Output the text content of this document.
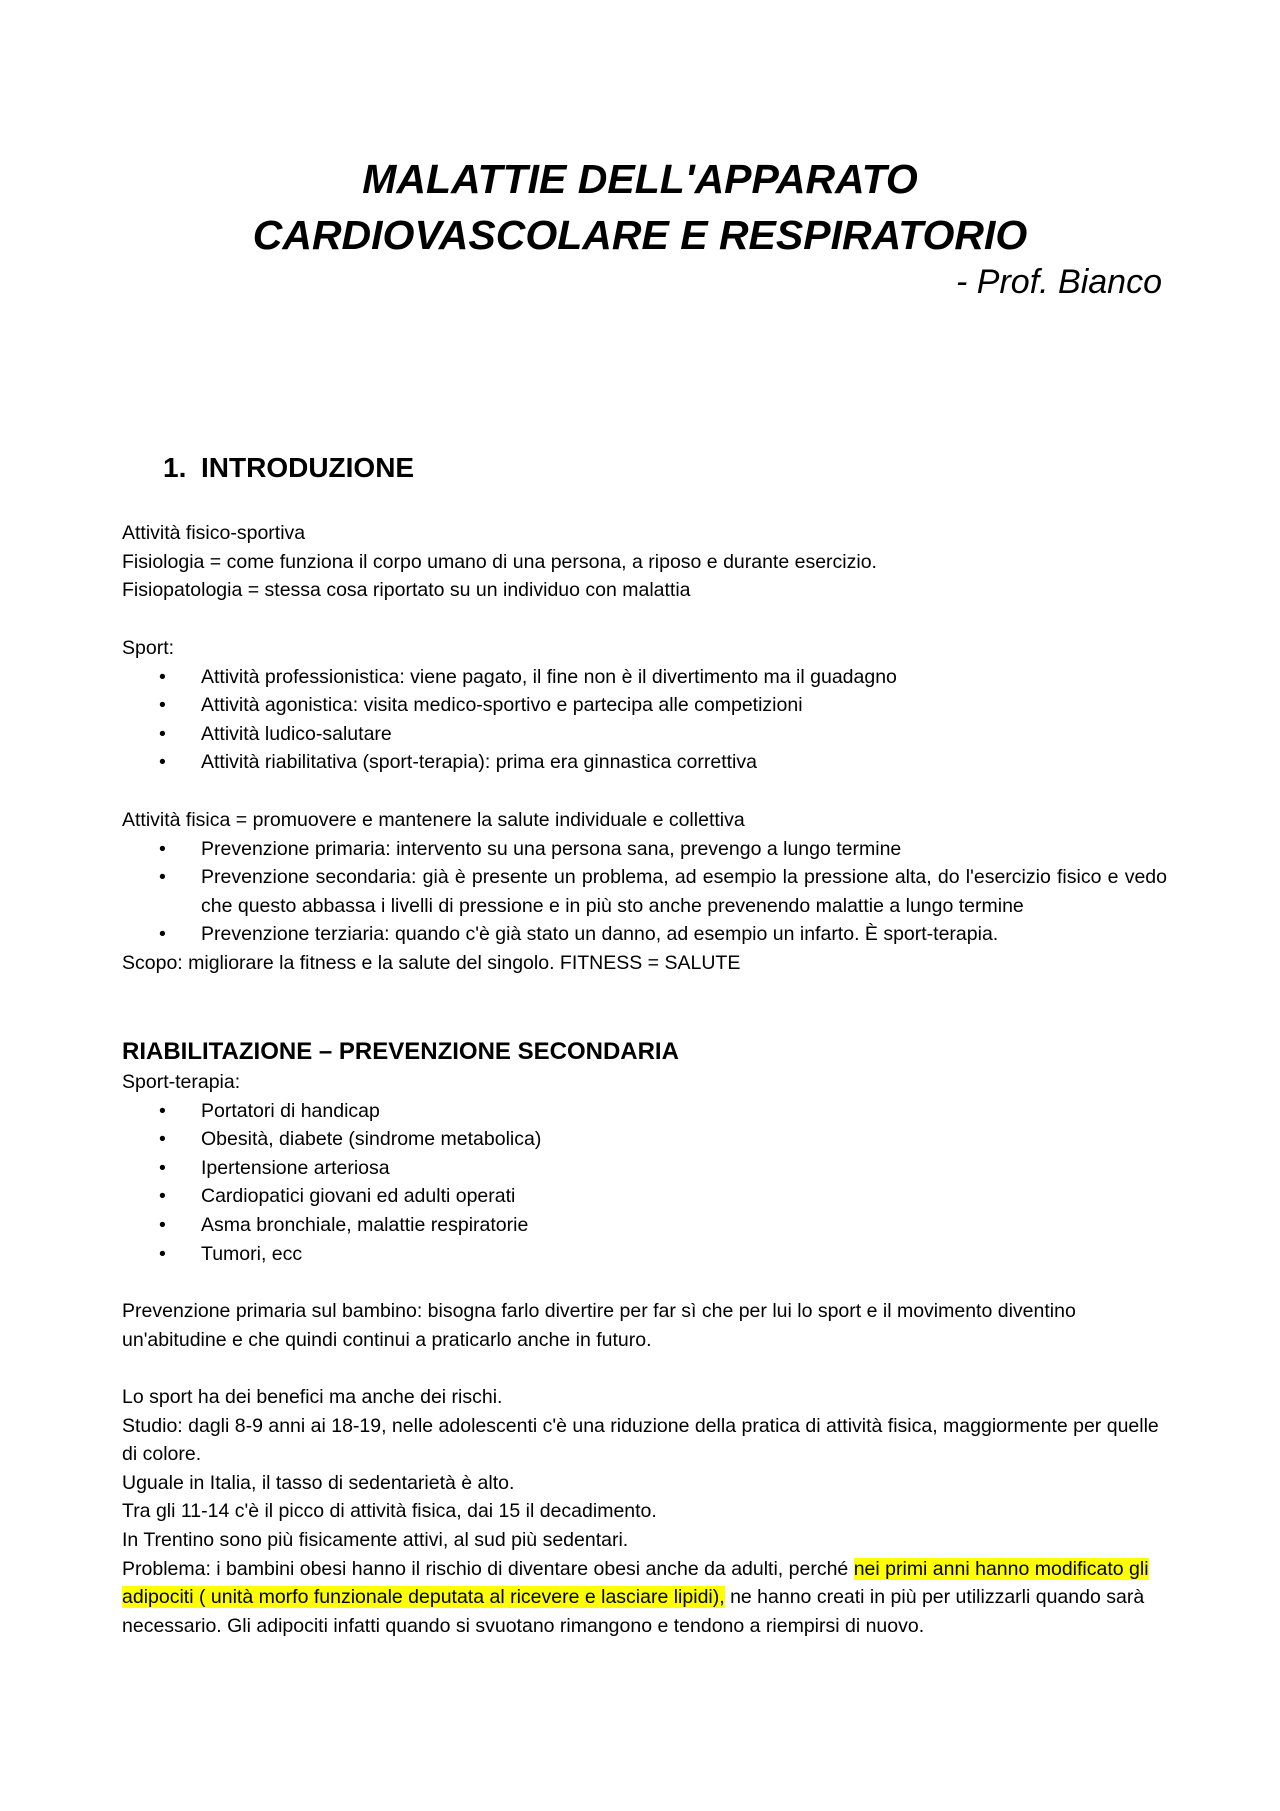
MALATTIE DELL'APPARATO
CARDIOVASCOLARE E RESPIRATORIO

- Prof. Bianco

1. INTRODUZIONE

Attività fisico-sportiva

Fisiologia = come funziona il corpo umano di una persona, a riposo e durante esercizio.

Fisiopatologia = stessa cosa riportato su un individuo con malattia

Sport:

• Attività professionistica: viene pagato, il fine non è il divertimento ma il guadagno
• Attività agonistica: visita medico-sportivo e partecipa alle competizioni
• Attività ludico-salutare
• Attività riabilitativa (sport-terapia): prima era ginnastica correttiva

Attività fisica = promuovere e mantenere la salute individuale e collettiva

• Prevenzione primaria: intervento su una persona sana, prevengo a lungo termine
• Prevenzione secondaria: già è presente un problema, ad esempio la pressione alta, do l'esercizio fisico e vedo che questo abbassa i livelli di pressione e in più sto anche prevenendo malattie a lungo termine
• Prevenzione terziaria: quando c'è già stato un danno, ad esempio un infarto. È sport-terapia.

Scopo: migliorare la fitness e la salute del singolo. FITNESS = SALUTE

RIABILITAZIONE – PREVENZIONE SECONDARIA

Sport-terapia:

• Portatori di handicap
• Obesità, diabete (sindrome metabolica)
• Ipertensione arteriosa
• Cardiopatici giovani ed adulti operati
• Asma bronchiale, malattie respiratorie
• Tumori, ecc

Prevenzione primaria sul bambino: bisogna farlo divertire per far sì che per lui lo sport e il movimento diventino un'abitudine e che quindi continui a praticarlo anche in futuro.

Lo sport ha dei benefici ma anche dei rischi.

Studio: dagli 8-9 anni ai 18-19, nelle adolescenti c'è una riduzione della pratica di attività fisica, maggiormente per quelle di colore.

Uguale in Italia, il tasso di sedentarietà è alto.

Tra gli 11-14 c'è il picco di attività fisica, dai 15 il decadimento.

In Trentino sono più fisicamente attivi, al sud più sedentari.

Problema: i bambini obesi hanno il rischio di diventare obesi anche da adulti, perché nei primi anni hanno modificato gli adipociti ( unità morfo funzionale deputata al ricevere e lasciare lipidi), ne hanno creati in più per utilizzarli quando sarà necessario. Gli adipociti infatti quando si svuotano rimangono e tendono a riempirsi di nuovo.
